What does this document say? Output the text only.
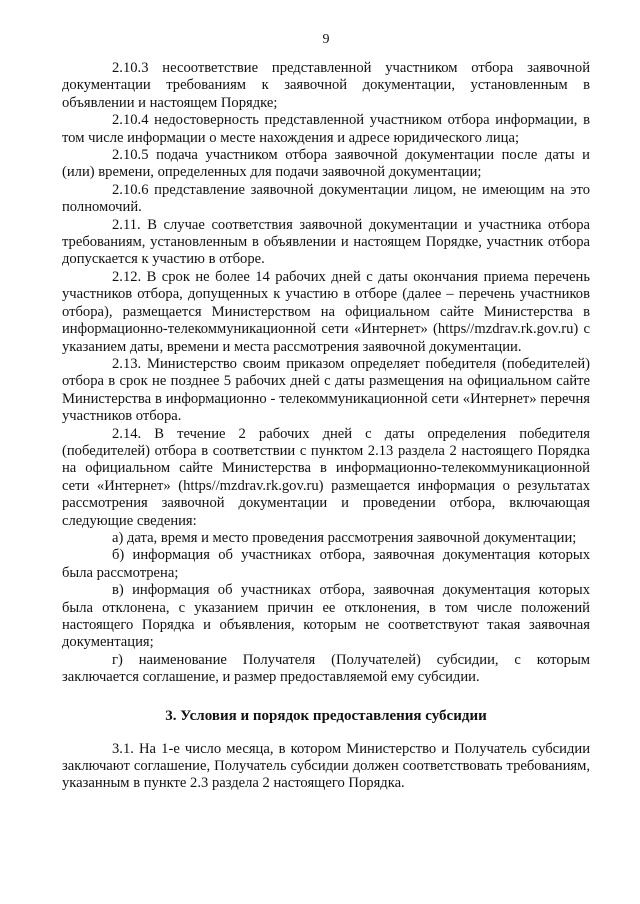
9

2.10.3 несоответствие представленной участником отбора заявочной документации требованиям к заявочной документации, установленным в объявлении и настоящем Порядке;

2.10.4 недостоверность представленной участником отбора информации, в том числе информации о месте нахождения и адресе юридического лица;

2.10.5 подача участником отбора заявочной документации после даты и (или) времени, определенных для подачи заявочной документации;

2.10.6 представление заявочной документации лицом, не имеющим на это полномочий.

2.11. В случае соответствия заявочной документации и участника отбора требованиям, установленным в объявлении и настоящем Порядке, участник отбора допускается к участию в отборе.

2.12. В срок не более 14 рабочих дней с даты окончания приема перечень участников отбора, допущенных к участию в отборе (далее – перечень участников отбора), размещается Министерством на официальном сайте Министерства в информационно-телекоммуникационной сети «Интернет» (https//mzdrav.rk.gov.ru) с указанием даты, времени и места рассмотрения заявочной документации.

2.13. Министерство своим приказом определяет победителя (победителей) отбора в срок не позднее 5 рабочих дней с даты размещения на официальном сайте Министерства в информационно - телекоммуникационной сети «Интернет» перечня участников отбора.

2.14. В течение 2 рабочих дней с даты определения победителя (победителей) отбора в соответствии с пунктом 2.13 раздела 2 настоящего Порядка на официальном сайте Министерства в информационно-телекоммуникационной сети «Интернет» (https//mzdrav.rk.gov.ru) размещается информация о результатах рассмотрения заявочной документации и проведении отбора, включающая следующие сведения:

а) дата, время и место проведения рассмотрения заявочной документации;

б) информация об участниках отбора, заявочная документация которых была рассмотрена;

в) информация об участниках отбора, заявочная документация которых была отклонена, с указанием причин ее отклонения, в том числе положений настоящего Порядка и объявления, которым не соответствуют такая заявочная документация;

г) наименование Получателя (Получателей) субсидии, с которым заключается соглашение, и размер предоставляемой ему субсидии.

3. Условия и порядок предоставления субсидии

3.1. На 1-е число месяца, в котором Министерство и Получатель субсидии заключают соглашение, Получатель субсидии должен соответствовать требованиям, указанным в пункте 2.3 раздела 2 настоящего Порядка.
